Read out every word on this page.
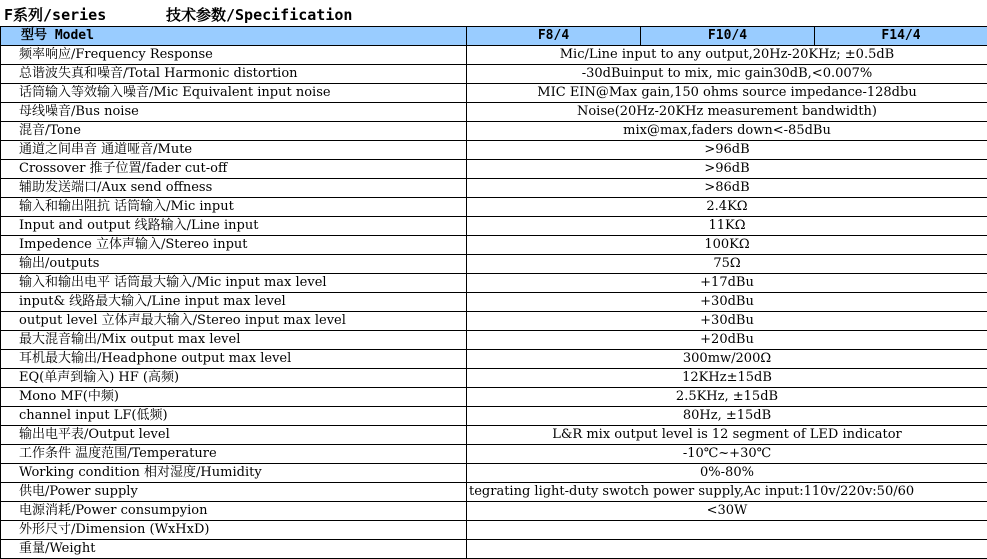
F系列/series	技术参数/Specification
型号 Model	F8/4	F10/4	F14/4
频率响应/Frequency Response	Mic/Line input to any output,20Hz-20KHz; ±0.5dB		
总谐波失真和噪音/Total Harmonic distortion	-30dBuinput to mix, mic gain30dB,<0.007%		
话筒输入等效输入噪音/Mic Equivalent input noise	MIC EIN@Max gain,150 ohms source impedance-128dbu		
母线噪音/Bus noise	Noise(20Hz-20KHz measurement bandwidth)		
混音/Tone	mix@max,faders down<-85dBu		
通道之间串音 通道哑音/Mute	>96dB		
Crossover 推子位置/fader cut-off	>96dB		
辅助发送端口/Aux send offness	>86dB		
输入和输出阻抗 话筒输入/Mic input	2.4KΩ		
Input and output 线路输入/Line input	11KΩ		
Impedence 立体声输入/Stereo input	100KΩ		
输出/outputs	75Ω		
输入和输出电平 话筒最大输入/Mic input max level	+17dBu		
input& 线路最大输入/Line input max level	+30dBu		
output level 立体声最大输入/Stereo input max level	+30dBu		
最大混音输出/Mix output max level	+20dBu		
耳机最大输出/Headphone output max level	300mw/200Ω		
EQ(单声到输入) HF (高频)	12KHz±15dB		
Mono MF(中频)	2.5KHz, ±15dB		
channel input LF(低频)	80Hz, ±15dB		
输出电平表/Output level	L&R mix output level is 12 segment of LED indicator		
工作条件 温度范围/Temperature	-10℃~+30℃		
Working condition 相对湿度/Humidity	0%-80%		
供电/Power supply	tegrating light-duty swotch power supply,Ac input:110v/220v:50/60		
电源消耗/Power consumpyion	<30W		
外形尺寸/Dimension (WxHxD)			
重量/Weight			
